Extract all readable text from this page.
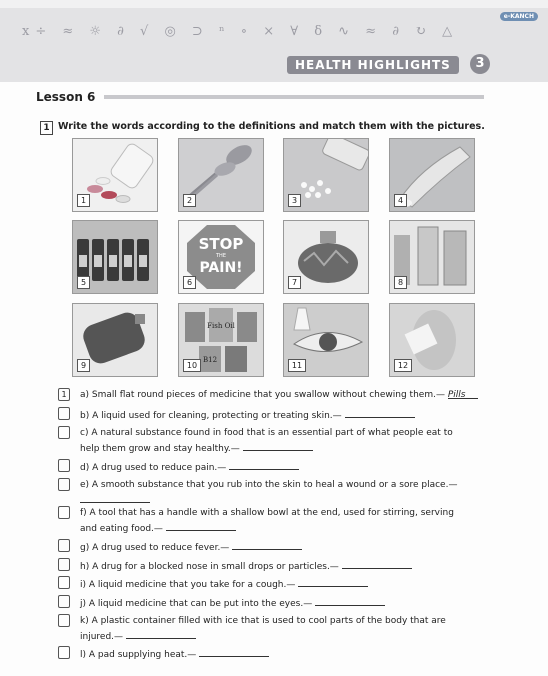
x÷ ≈ ☼ ∂ √ ◎ ⊃ ⁿ ∘ × ∀ δ ∿ ≈ ∂ ↻ △
e-KANCH
HEALTH HIGHLIGHTS	3
Lesson 6
1 Write the words according to the definitions and match them with the pictures.
1	2	3	4
5
STOP
THE
PAIN!
6	7	8
9
Fish Oil
B12
10	11	12
1	a) Small flat round pieces of medicine that you swallow without chewing them.— Pills
b) A liquid used for cleaning, protecting or treating skin.—
c) A natural substance found in food that is an essential part of what people eat to
help them grow and stay healthy.—
d) A drug used to reduce pain.—
e) A smooth substance that you rub into the skin to heal a wound or a sore place.—

f) A tool that has a handle with a shallow bowl at the end, used for stirring, serving
and eating food.—
g) A drug used to reduce fever.—
h) A drug for a blocked nose in small drops or particles.—
i) A liquid medicine that you take for a cough.—
j) A liquid medicine that can be put into the eyes.—
k) A plastic container filled with ice that is used to cool parts of the body that are
injured.—
l) A pad supplying heat.—
